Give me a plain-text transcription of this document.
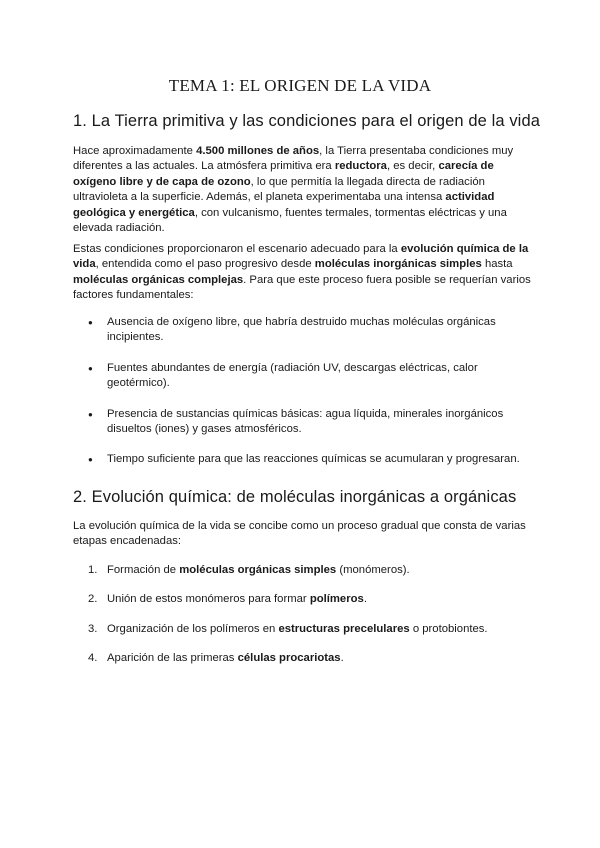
TEMA 1: EL ORIGEN DE LA VIDA
1. La Tierra primitiva y las condiciones para el origen de la vida
Hace aproximadamente 4.500 millones de años, la Tierra presentaba condiciones muy diferentes a las actuales. La atmósfera primitiva era reductora, es decir, carecía de oxígeno libre y de capa de ozono, lo que permitía la llegada directa de radiación ultravioleta a la superficie. Además, el planeta experimentaba una intensa actividad geológica y energética, con vulcanismo, fuentes termales, tormentas eléctricas y una elevada radiación.
Estas condiciones proporcionaron el escenario adecuado para la evolución química de la vida, entendida como el paso progresivo desde moléculas inorgánicas simples hasta moléculas orgánicas complejas. Para que este proceso fuera posible se requerían varios factores fundamentales:
● Ausencia de oxígeno libre, que habría destruido muchas moléculas orgánicas incipientes.
● Fuentes abundantes de energía (radiación UV, descargas eléctricas, calor geotérmico).
● Presencia de sustancias químicas básicas: agua líquida, minerales inorgánicos disueltos (iones) y gases atmosféricos.
● Tiempo suficiente para que las reacciones químicas se acumularan y progresaran.
2. Evolución química: de moléculas inorgánicas a orgánicas
La evolución química de la vida se concibe como un proceso gradual que consta de varias etapas encadenadas:
1. Formación de moléculas orgánicas simples (monómeros).
2. Unión de estos monómeros para formar polímeros.
3. Organización de los polímeros en estructuras precelulares o protobiontes.
4. Aparición de las primeras células procariotas.
